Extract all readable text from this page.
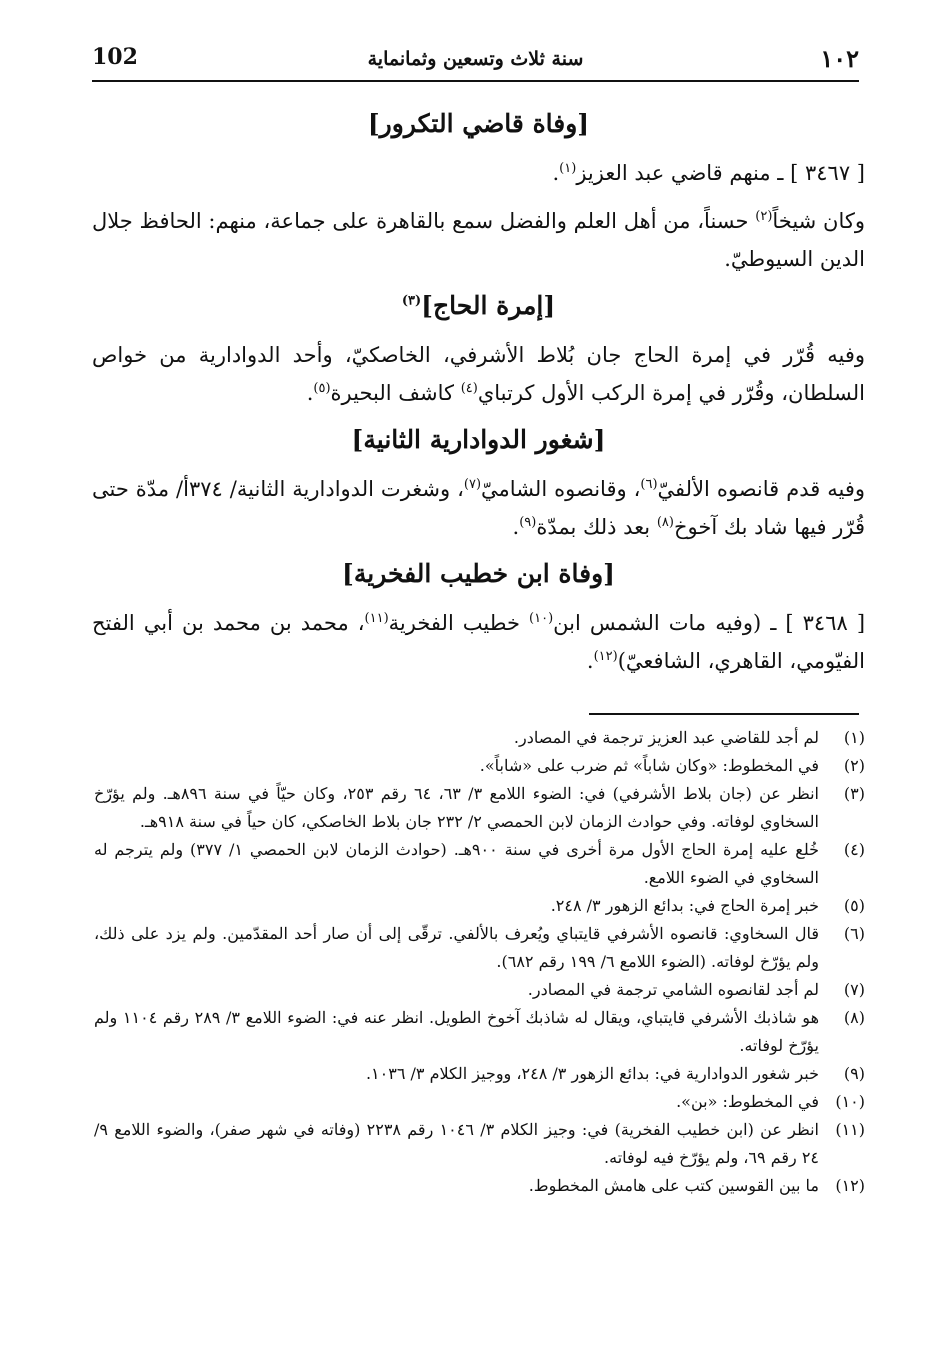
102	سنة ثلاث وتسعين وثمانماية	١٠٢
[وفاة قاضي التكرور]

[ ٣٤٦٧ ] ـ منهم قاضي عبد العزيز$^{(١)}$.

وكان شيخاً$^{(٢)}$ حسناً، من أهل العلم والفضل سمع بالقاهرة على جماعة، منهم: الحافظ جلال الدين السيوطيّ.

[إمرة الحاج]$^{(٣)}$

وفيه قُرّر في إمرة الحاج جان بُلاط الأشرفي، الخاصكيّ، وأحد الدوادارية من خواص السلطان، وقُرّر في إمرة الركب الأول كرتباي$^{(٤)}$ كاشف البحيرة$^{(٥)}$.

[شغور الدوادارية الثانية]

وفيه قدم قانصوه الألفيّ$^{(٦)}$، وقانصوه الشاميّ$^{(٧)}$، وشغرت الدوادارية الثانية/ ٣٧٤أ/ مدّة حتى قُرّر فيها شاد بك آخوخ$^{(٨)}$ بعد ذلك بمدّة$^{(٩)}$.

[وفاة ابن خطيب الفخرية]

[ ٣٤٦٨ ] ـ (وفيه مات الشمس ابن$^{(١٠)}$ خطيب الفخرية$^{(١١)}$، محمد بن محمد بن أبي الفتح الفيّومي، القاهري، الشافعيّ)$^{(١٢)}$.

(١)
لم أجد للقاضي عبد العزيز ترجمة في المصادر.

(٢)
في المخطوط: «وكان شاباً» ثم ضرب على «شاباً».

(٣)
انظر عن (جان بلاط الأشرفي) في: الضوء اللامع ٣/ ٦٣، ٦٤ رقم ٢٥٣، وكان حيّاً في سنة ٨٩٦هـ. ولم يؤرّخ السخاوي لوفاته. وفي حوادث الزمان لابن الحمصي ٢/ ٢٣٢ جان بلاط الخاصكي، كان حياً في سنة ٩١٨هـ.

(٤)
خُلع عليه إمرة الحاج الأول مرة أخرى في سنة ٩٠٠هـ. (حوادث الزمان لابن الحمصي ١/ ٣٧٧) ولم يترجم له السخاوي في الضوء اللامع.

(٥)
خبر إمرة الحاج في: بدائع الزهور ٣/ ٢٤٨.

(٦)
قال السخاوي: قانصوه الأشرفي قايتباي ويُعرف بالألفي. ترقّى إلى أن صار أحد المقدّمين. ولم يزد على ذلك، ولم يؤرّخ لوفاته. (الضوء اللامع ٦/ ١٩٩ رقم ٦٨٢).

(٧)
لم أجد لقانصوه الشامي ترجمة في المصادر.

(٨)
هو شاذبك الأشرفي قايتباي، ويقال له شاذبك آخوخ الطويل. انظر عنه في: الضوء اللامع ٣/ ٢٨٩ رقم ١١٠٤ ولم يؤرّخ لوفاته.

(٩)
خبر شغور الدوادارية في: بدائع الزهور ٣/ ٢٤٨، ووجيز الكلام ٣/ ١٠٣٦.

(١٠)
في المخطوط: «بن».

(١١)
انظر عن (ابن خطيب الفخرية) في: وجيز الكلام ٣/ ١٠٤٦ رقم ٢٢٣٨ (وفاته في شهر صفر)، والضوء اللامع ٩/ ٢٤ رقم ٦٩، ولم يؤرّخ فيه لوفاته.

(١٢)
ما بين القوسين كتب على هامش المخطوط.
